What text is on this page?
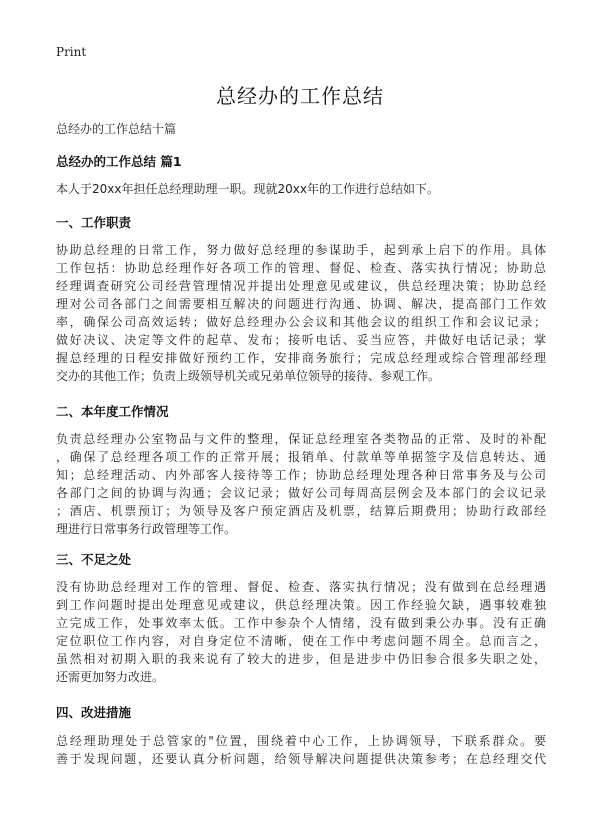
Print
总经办的工作总结
总经办的工作总结十篇
总经办的工作总结 篇1

本人于20xx年担任总经理助理一职。现就20xx年的工作进行总结如下。

一、工作职责

协助总经理的日常工作，努力做好总经理的参谋助手，起到承上启下的作用。具体
工作包括：协助总经理作好各项工作的管理、督促、检查、落实执行情况；协助总
经理调查研究公司经营管理情况并提出处理意见或建议，供总经理决策；协助总经
理对公司各部门之间需要相互解决的问题进行沟通、协调、解决，提高部门工作效
率，确保公司高效运转；做好总经理办公会议和其他会议的组织工作和会议记录；
做好决议、决定等文件的起草、发布；接听电话、妥当应答，并做好电话记录；掌
握总经理的日程安排做好预约工作，安排商务旅行；完成总经理或综合管理部经理
交办的其他工作；负责上级领导机关或兄弟单位领导的接待、参观工作。

二、本年度工作情况

负责总经理办公室物品与文件的整理，保证总经理室各类物品的正常、及时的补配
，确保了总经理各项工作的正常开展；报销单、付款单等单据签字及信息转达、通
知；总经理活动、内外部客人接待等工作；协助总经理处理各种日常事务及与公司
各部门之间的协调与沟通；会议记录；做好公司每周高层例会及本部门的会议记录
；酒店、机票预订；为领导及客户预定酒店及机票，结算后期费用；协助行政部经
理进行日常事务行政管理等工作。

三、不足之处

没有协助总经理对工作的管理、督促、检查、落实执行情况；没有做到在总经理遇
到工作问题时提出处理意见或建议，供总经理决策。因工作经验欠缺，遇事较难独
立完成工作，处事效率太低。工作中参杂个人情绪，没有做到秉公办事。没有正确
定位职位工作内容，对自身定位不清晰，使在工作中考虑问题不周全。总而言之，
虽然相对初期入职的我来说有了较大的进步，但是进步中仍旧参合很多失职之处，
还需更加努力改进。

四、改进措施

总经理助理处于总管家的"位置，围绕着中心工作，上协调领导，下联系群众。要
善于发现问题，还要认真分析问题，给领导解决问题提供决策参考；在总经理交代
